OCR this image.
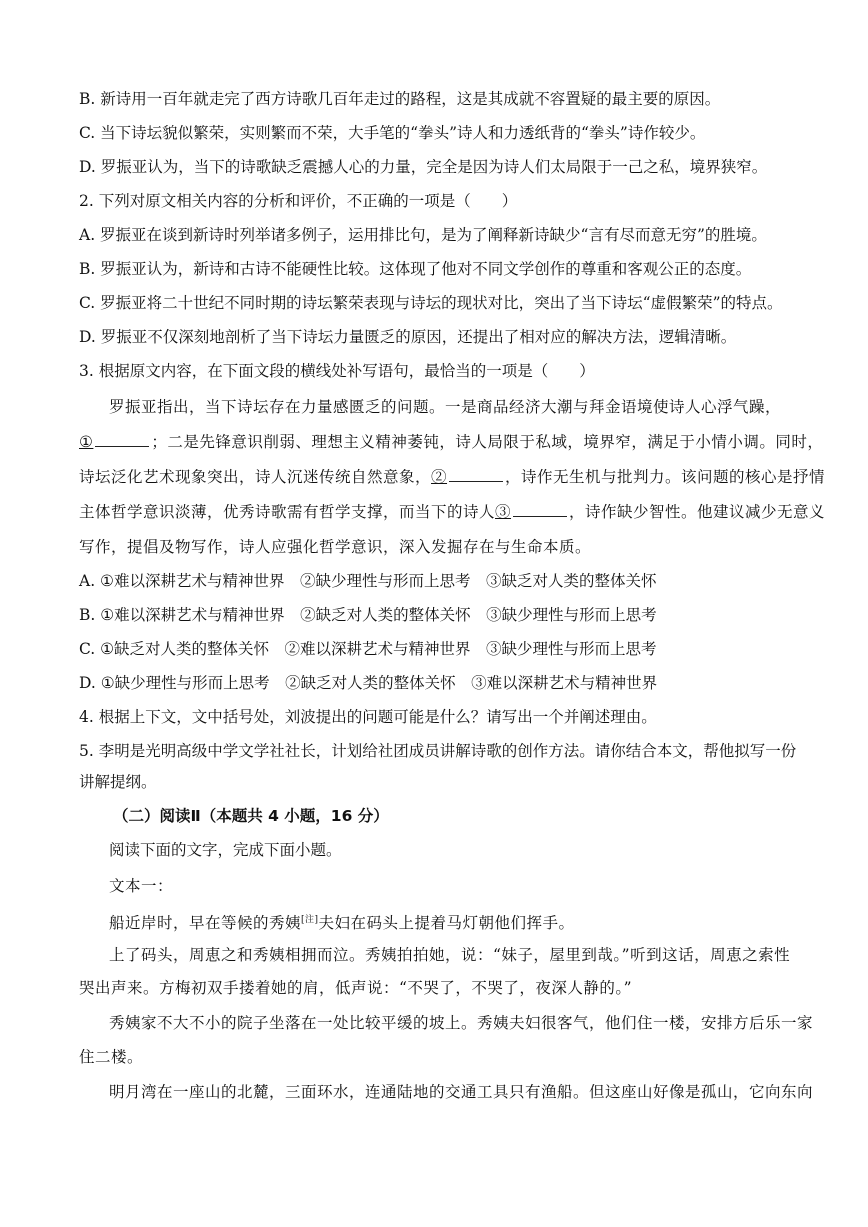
B. 新诗用一百年就走完了西方诗歌几百年走过的路程，这是其成就不容置疑的最主要的原因。
C. 当下诗坛貌似繁荣，实则繁而不荣，大手笔的“拳头”诗人和力透纸背的“拳头”诗作较少。
D. 罗振亚认为，当下的诗歌缺乏震撼人心的力量，完全是因为诗人们太局限于一己之私，境界狭窄。
2. 下列对原文相关内容的分析和评价，不正确的一项是（　　）
A. 罗振亚在谈到新诗时列举诸多例子，运用排比句，是为了阐释新诗缺少“言有尽而意无穷”的胜境。
B. 罗振亚认为，新诗和古诗不能硬性比较。这体现了他对不同文学创作的尊重和客观公正的态度。
C. 罗振亚将二十世纪不同时期的诗坛繁荣表现与诗坛的现状对比，突出了当下诗坛“虚假繁荣”的特点。
D. 罗振亚不仅深刻地剖析了当下诗坛力量匮乏的原因，还提出了相对应的解决方法，逻辑清晰。
3. 根据原文内容，在下面文段的横线处补写语句，最恰当的一项是（　　）
罗振亚指出，当下诗坛存在力量感匮乏的问题。一是商品经济大潮与拜金语境使诗人心浮气躁，
①	；二是先锋意识削弱、理想主义精神萎钝，诗人局限于私域，境界窄，满足于小情小调。同时，
诗坛泛化艺术现象突出，诗人沉迷传统自然意象，②	，诗作无生机与批判力。该问题的核心是抒情
主体哲学意识淡薄，优秀诗歌需有哲学支撑，而当下的诗人③	，诗作缺少智性。他建议减少无意义
写作，提倡及物写作，诗人应强化哲学意识，深入发掘存在与生命本质。
A. ①难以深耕艺术与精神世界　②缺少理性与形而上思考　③缺乏对人类的整体关怀
B. ①难以深耕艺术与精神世界　②缺乏对人类的整体关怀　③缺少理性与形而上思考
C. ①缺乏对人类的整体关怀　②难以深耕艺术与精神世界　③缺少理性与形而上思考
D. ①缺少理性与形而上思考　②缺乏对人类的整体关怀　③难以深耕艺术与精神世界
4. 根据上下文，文中括号处，刘波提出的问题可能是什么？请写出一个并阐述理由。
5. 李明是光明高级中学文学社社长，计划给社团成员讲解诗歌的创作方法。请你结合本文，帮他拟写一份
讲解提纲。
（二）阅读Ⅱ（本题共 4 小题，16 分）
阅读下面的文字，完成下面小题。
文本一：
船近岸时，早在等候的秀姨[注]夫妇在码头上提着马灯朝他们挥手。
上了码头，周恵之和秀姨相拥而泣。秀姨拍拍她，说：“妹子，屋里到哉。”听到这话，周恵之索性
哭出声来。方梅初双手搂着她的肩，低声说：“不哭了，不哭了，夜深人静的。”
秀姨家不大不小的院子坐落在一处比较平缓的坡上。秀姨夫妇很客气，他们住一楼，安排方后乐一家
住二楼。
明月湾在一座山的北麓，三面环水，连通陆地的交通工具只有渔船。但这座山好像是孤山，它向东向
